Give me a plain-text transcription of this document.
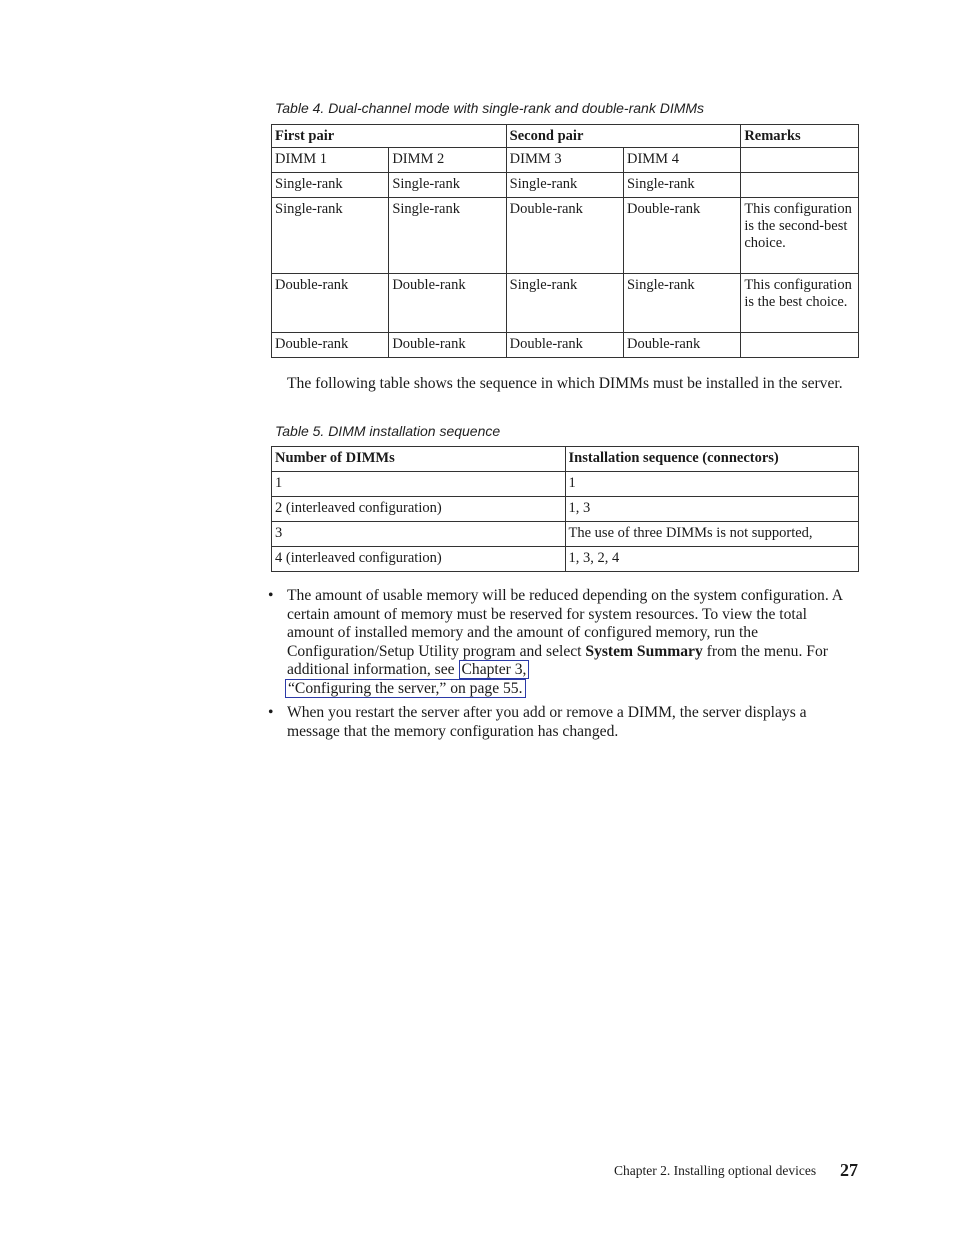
Table 4. Dual-channel mode with single-rank and double-rank DIMMs
First pair		Second pair		Remarks
DIMM 1	DIMM 2	DIMM 3	DIMM 4	
Single-rank	Single-rank	Single-rank	Single-rank	
Single-rank	Single-rank	Double-rank	Double-rank	This configuration is the second-best choice.
Double-rank	Double-rank	Single-rank	Single-rank	This configuration is the best choice.
Double-rank	Double-rank	Double-rank	Double-rank	
The following table shows the sequence in which DIMMs must be installed in the server.
Table 5. DIMM installation sequence
Number of DIMMs	Installation sequence (connectors)
1	1
2 (interleaved configuration)	1, 3
3	The use of three DIMMs is not supported,
4 (interleaved configuration)	1, 3, 2, 4
• The amount of usable memory will be reduced depending on the system configuration. A certain amount of memory must be reserved for system resources. To view the total amount of installed memory and the amount of configured memory, run the Configuration/Setup Utility program and select System Summary from the menu. For additional information, see Chapter 3,
“Configuring the server,” on page 55.
• When you restart the server after you add or remove a DIMM, the server displays a message that the memory configuration has changed.
Chapter 2. Installing optional devices 27
